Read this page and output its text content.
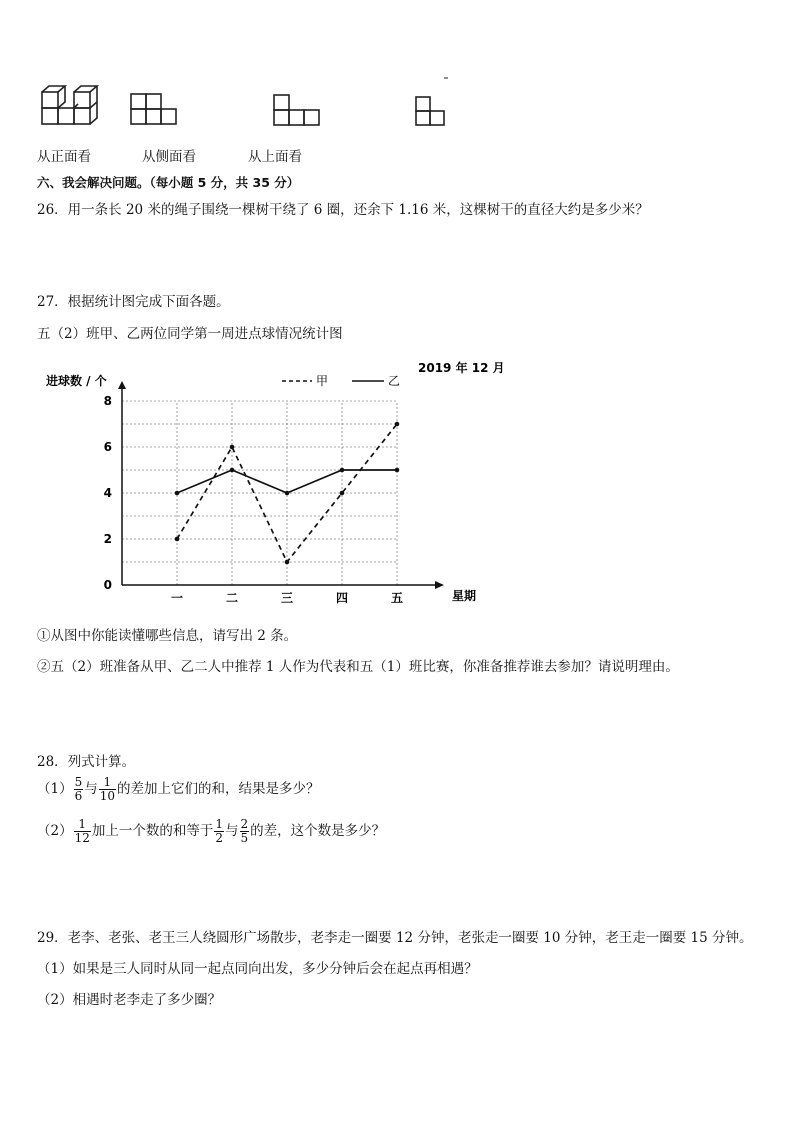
从正面看	从侧面看	从上面看
六、我会解决问题。（每小题 5 分，共 35 分）
26．用一条长 20 米的绳子围绕一棵树干绕了 6 圈，还余下 1.16 米，这棵树干的直径大约是多少米？
27．根据统计图完成下面各题。
五（2）班甲、乙两位同学第一周进点球情况统计图
0
2
4
6
8
一	二	三	四	五
进球数 / 个
星期
2019 年 12 月
甲	乙
①从图中你能读懂哪些信息，请写出 2 条。
②五（2）班准备从甲、乙二人中推荐 1 人作为代表和五（1）班比赛，你准备推荐谁去参加？请说明理由。
28．列式计算。
$(1) \frac{5}{6}$ 与 $\frac{1}{10}$ 的差加上它们的和，结果是多少？
$(2) \frac{1}{12}$ 加上一个数的和等于 $\frac{1}{2}$ 与 $\frac{2}{5}$ 的差，这个数是多少？
29．老李、老张、老王三人绕圆形广场散步，老李走一圈要 12 分钟，老张走一圈要 10 分钟，老王走一圈要 15 分钟。
（1）如果是三人同时从同一起点同向出发，多少分钟后会在起点再相遇？
（2）相遇时老李走了多少圈？
